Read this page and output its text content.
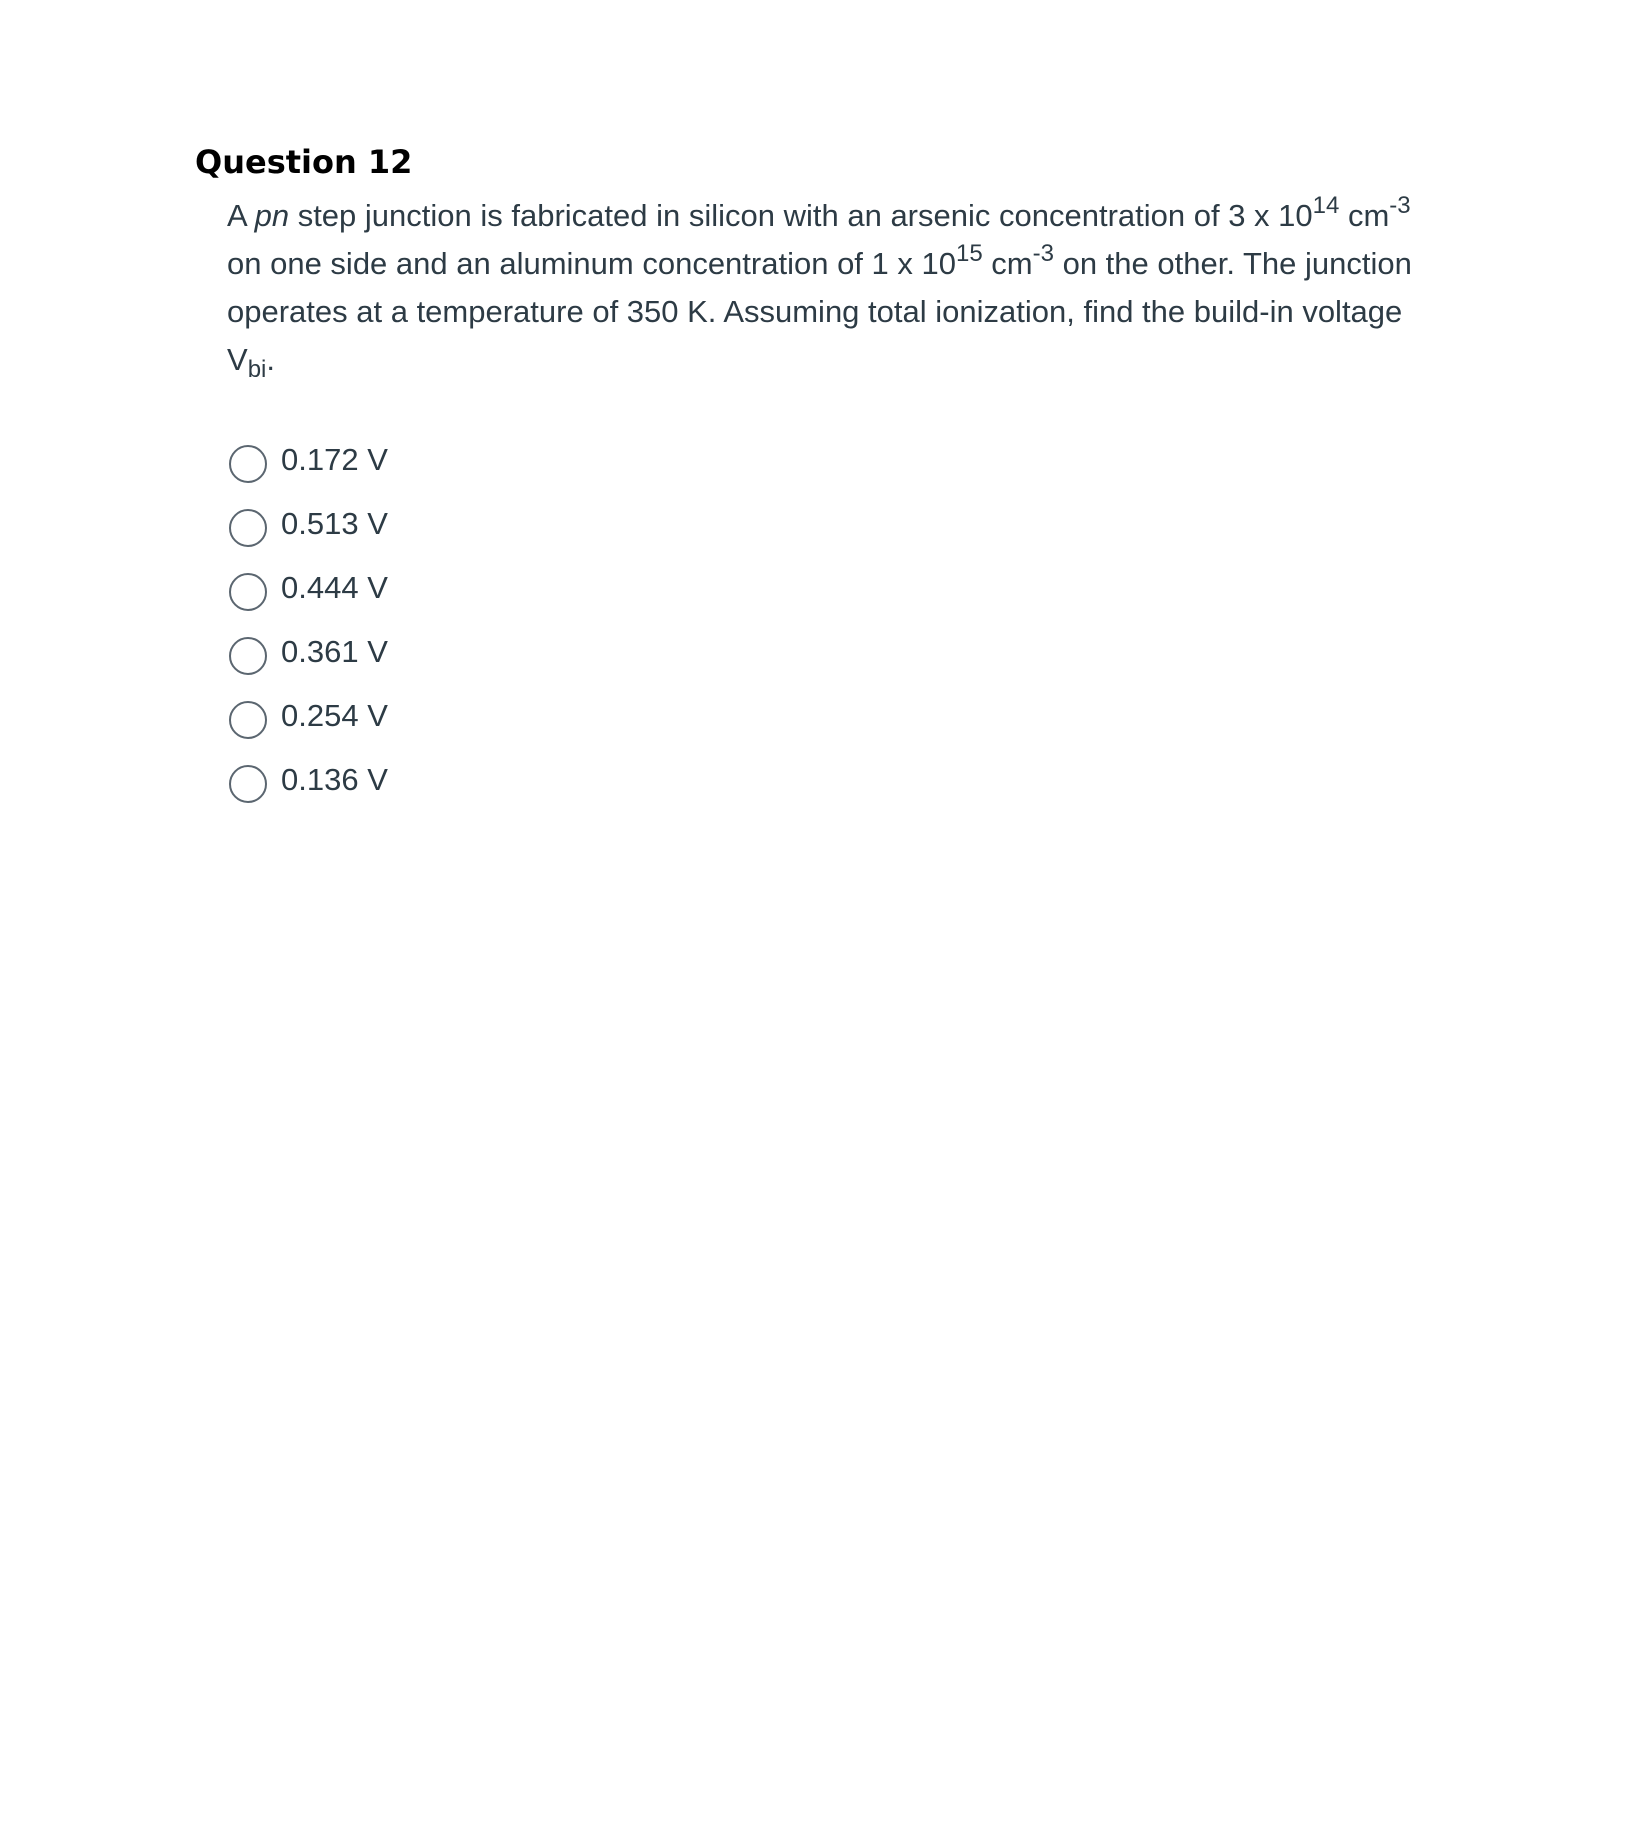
Question 12
A pn step junction is fabricated in silicon with an arsenic concentration of 3 x $10^{14}$ $cm^{-3}$ on one side and an aluminum concentration of 1 x $10^{15}$ $cm^{-3}$ on the other. The junction operates at a temperature of 350 K. Assuming total ionization, find the build-in voltage $V_{bi}$.
0.172 V
0.513 V
0.444 V
0.361 V
0.254 V
0.136 V
